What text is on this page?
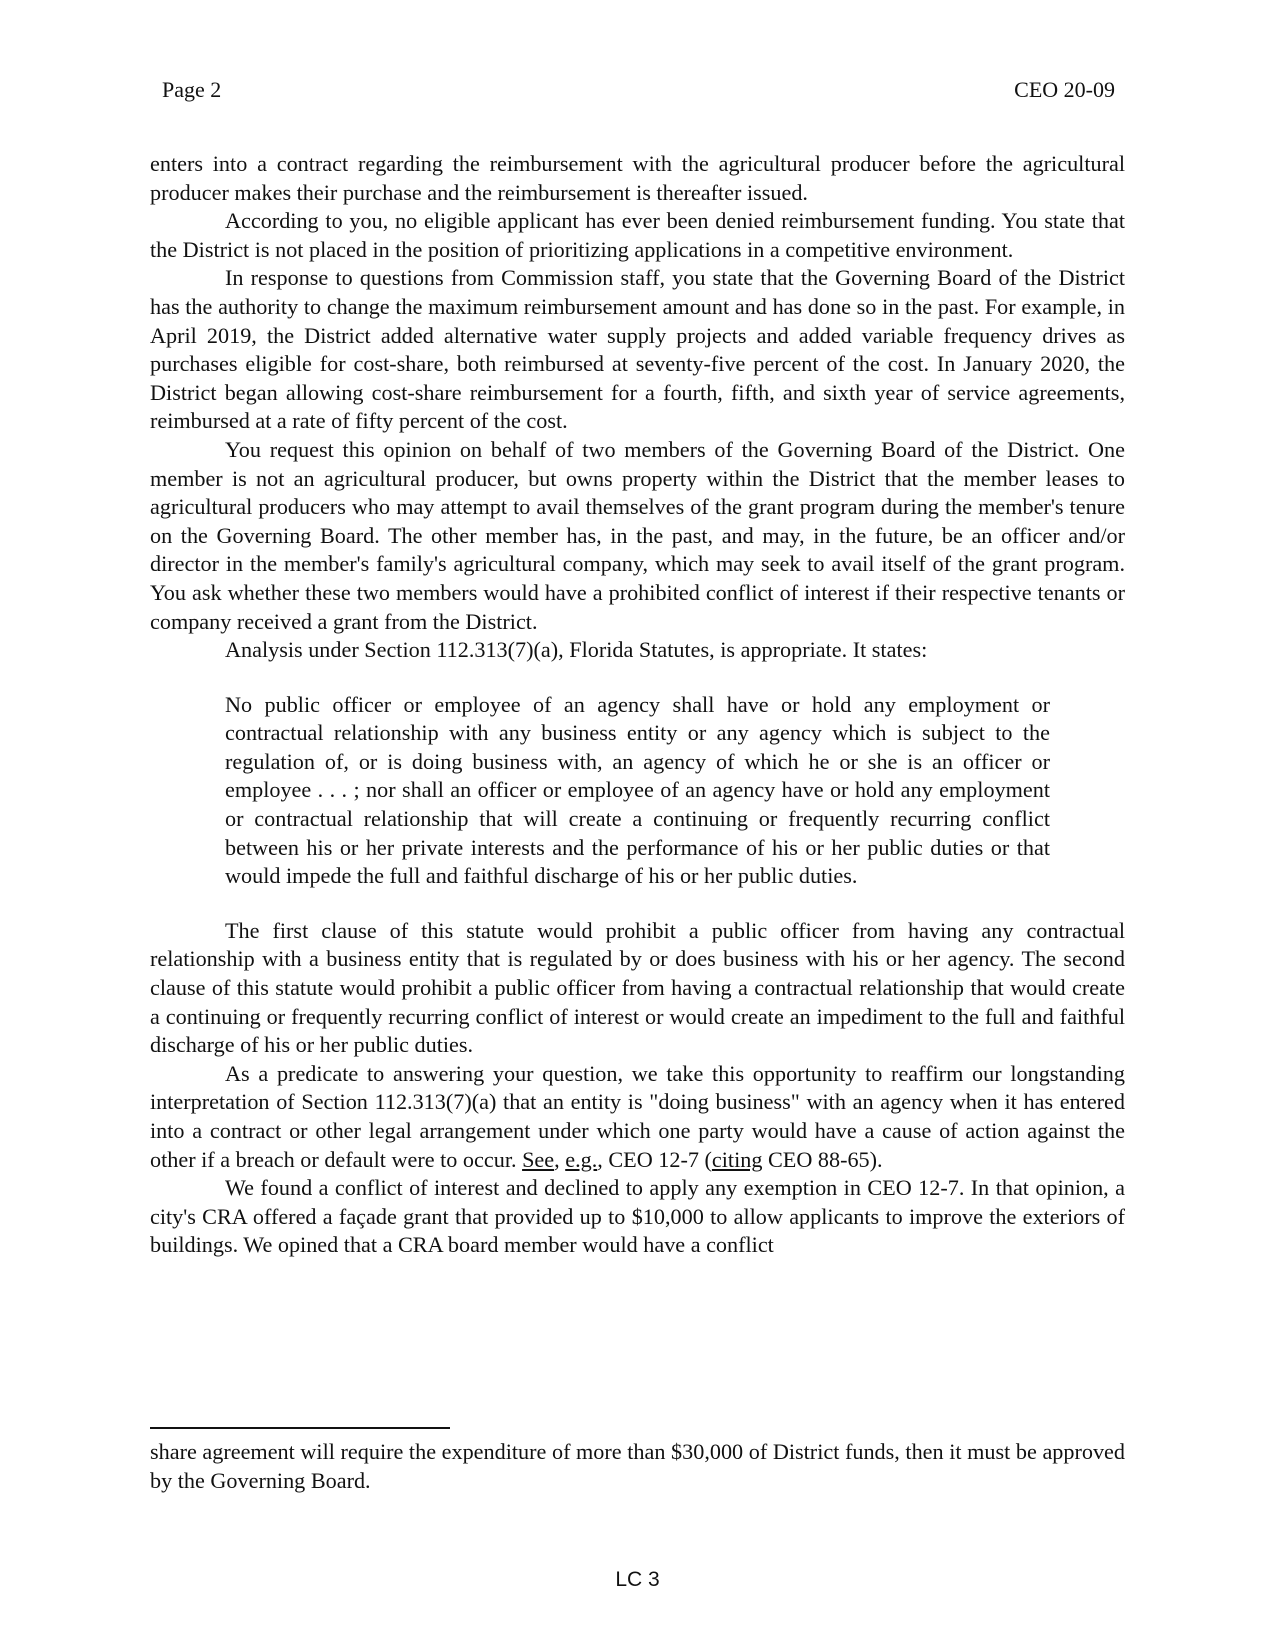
Page 2	CEO 20-09

enters into a contract regarding the reimbursement with the agricultural producer before the agricultural producer makes their purchase and the reimbursement is thereafter issued.

According to you, no eligible applicant has ever been denied reimbursement funding. You state that the District is not placed in the position of prioritizing applications in a competitive environment.

In response to questions from Commission staff, you state that the Governing Board of the District has the authority to change the maximum reimbursement amount and has done so in the past. For example, in April 2019, the District added alternative water supply projects and added variable frequency drives as purchases eligible for cost-share, both reimbursed at seventy-five percent of the cost. In January 2020, the District began allowing cost-share reimbursement for a fourth, fifth, and sixth year of service agreements, reimbursed at a rate of fifty percent of the cost.

You request this opinion on behalf of two members of the Governing Board of the District. One member is not an agricultural producer, but owns property within the District that the member leases to agricultural producers who may attempt to avail themselves of the grant program during the member's tenure on the Governing Board. The other member has, in the past, and may, in the future, be an officer and/or director in the member's family's agricultural company, which may seek to avail itself of the grant program. You ask whether these two members would have a prohibited conflict of interest if their respective tenants or company received a grant from the District.

Analysis under Section 112.313(7)(a), Florida Statutes, is appropriate. It states:

No public officer or employee of an agency shall have or hold any employment or contractual relationship with any business entity or any agency which is subject to the regulation of, or is doing business with, an agency of which he or she is an officer or employee . . . ; nor shall an officer or employee of an agency have or hold any employment or contractual relationship that will create a continuing or frequently recurring conflict between his or her private interests and the performance of his or her public duties or that would impede the full and faithful discharge of his or her public duties.

The first clause of this statute would prohibit a public officer from having any contractual relationship with a business entity that is regulated by or does business with his or her agency. The second clause of this statute would prohibit a public officer from having a contractual relationship that would create a continuing or frequently recurring conflict of interest or would create an impediment to the full and faithful discharge of his or her public duties.

As a predicate to answering your question, we take this opportunity to reaffirm our longstanding interpretation of Section 112.313(7)(a) that an entity is "doing business" with an agency when it has entered into a contract or other legal arrangement under which one party would have a cause of action against the other if a breach or default were to occur. See, e.g., CEO 12-7 (citing CEO 88-65).

We found a conflict of interest and declined to apply any exemption in CEO 12-7. In that opinion, a city's CRA offered a façade grant that provided up to $10,000 to allow applicants to improve the exteriors of buildings. We opined that a CRA board member would have a conflict

share agreement will require the expenditure of more than $30,000 of District funds, then it must be approved by the Governing Board.

LC 3
